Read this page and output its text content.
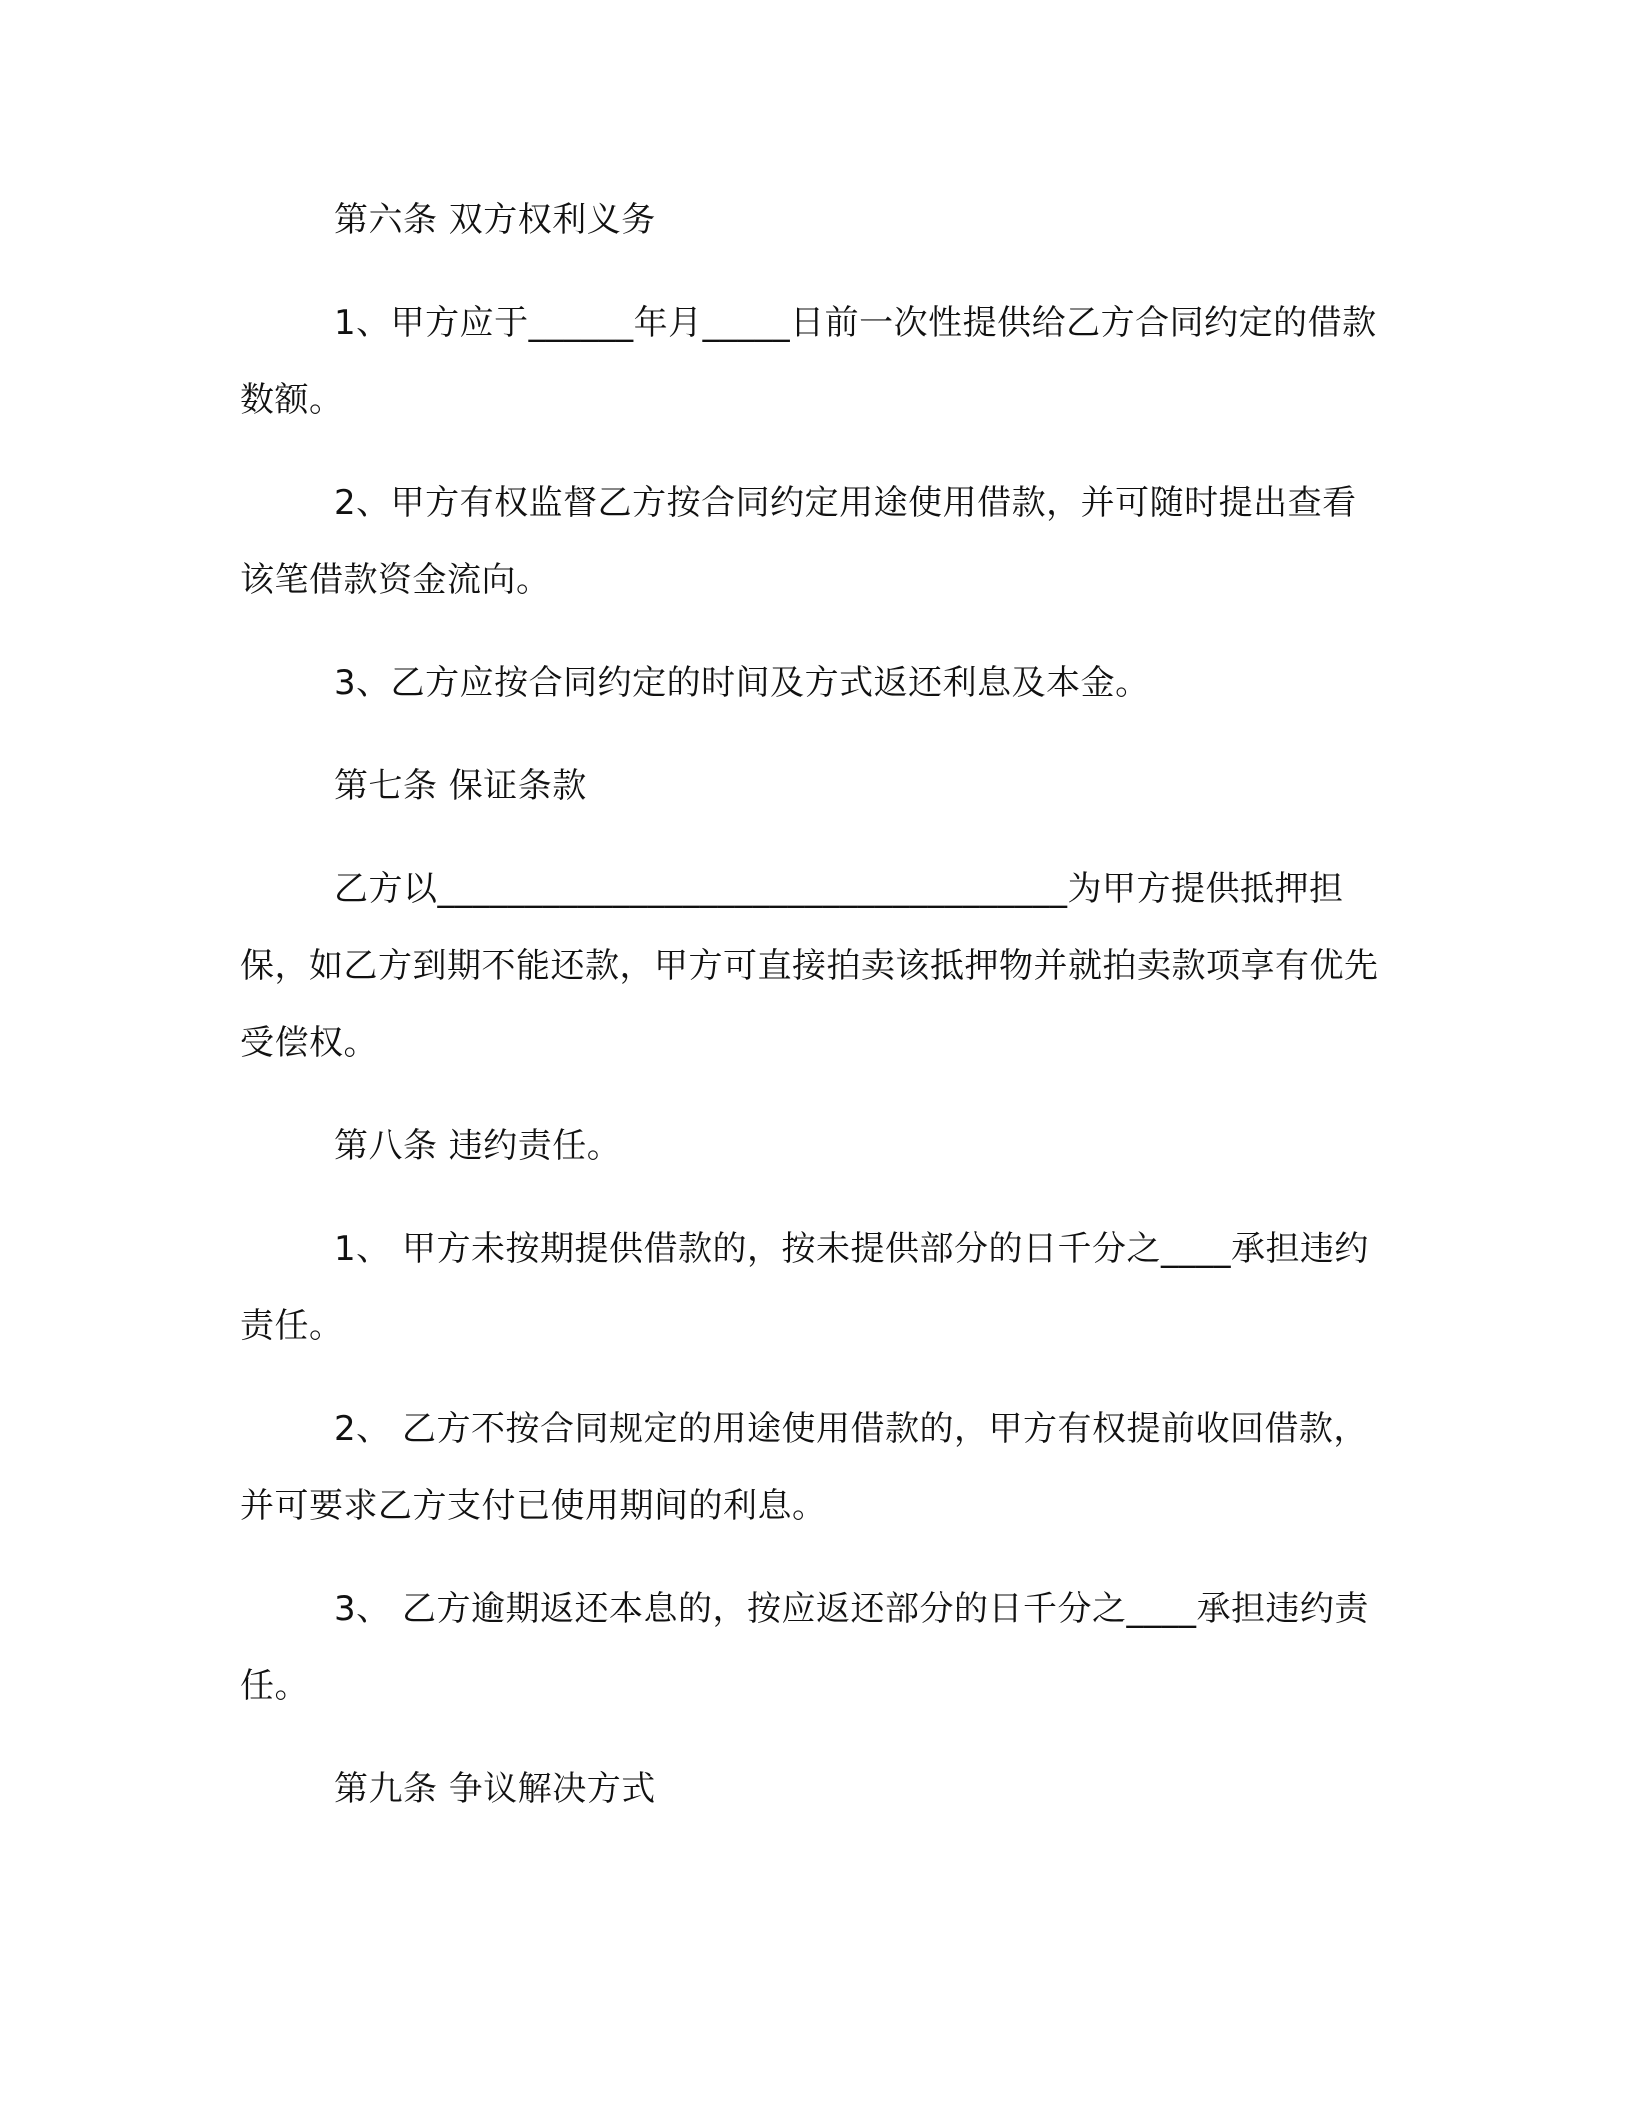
第六条 双方权利义务

1、甲方应于______年月_____日前一次性提供给乙方合同约定的借款数额。

2、甲方有权监督乙方按合同约定用途使用借款，并可随时提出查看该笔借款资金流向。

3、乙方应按合同约定的时间及方式返还利息及本金。

第七条 保证条款

乙方以____________________________________为甲方提供抵押担保，如乙方到期不能还款，甲方可直接拍卖该抵押物并就拍卖款项享有优先受偿权。

第八条 违约责任。

1、 甲方未按期提供借款的，按未提供部分的日千分之____承担违约责任。

2、 乙方不按合同规定的用途使用借款的，甲方有权提前收回借款，并可要求乙方支付已使用期间的利息。

3、 乙方逾期返还本息的，按应返还部分的日千分之____承担违约责任。

第九条 争议解决方式
